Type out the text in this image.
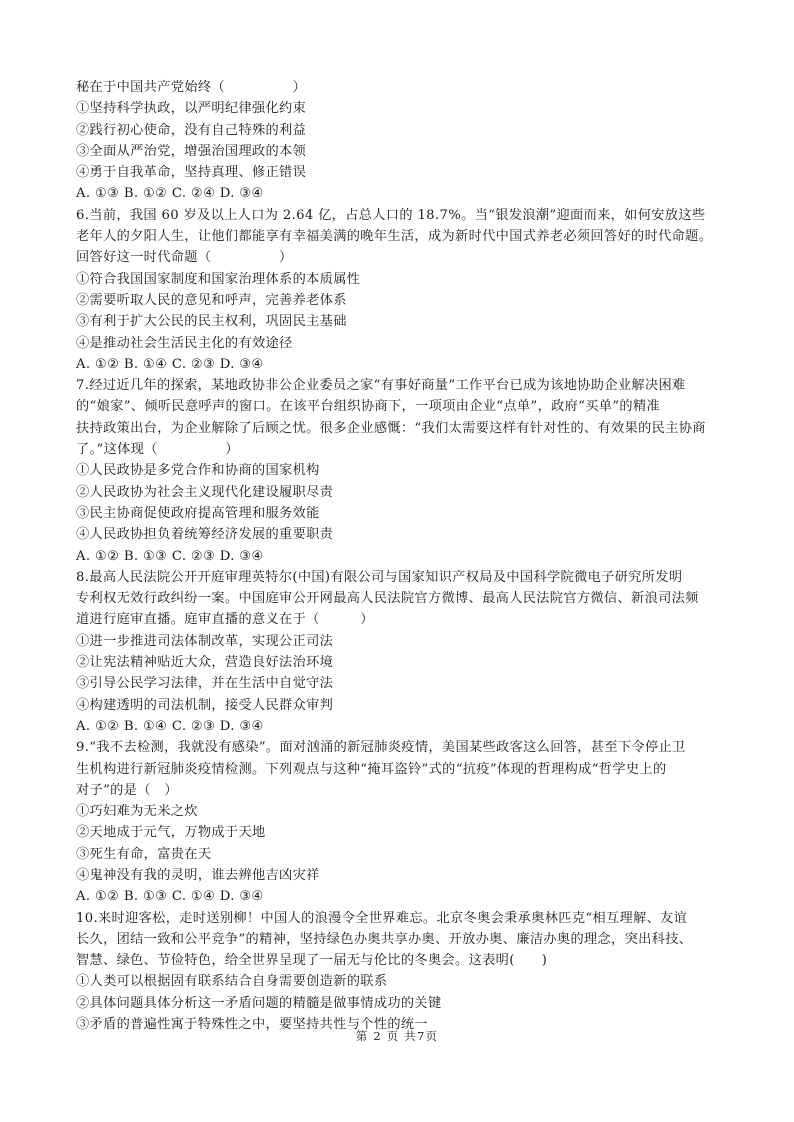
秘在于中国共产党始终（　　　　　）
①坚持科学执政，以严明纪律强化约束
②践行初心使命，没有自己特殊的利益
③全面从严治党，增强治国理政的本领
④勇于自我革命，坚持真理、修正错误
A. ①③ B. ①② C. ②④ D. ③④
6.当前，我国 60 岁及以上人口为 2.64 亿，占总人口的 18.7%。当“银发浪潮”迎面而来，如何安放这些
老年人的夕阳人生，让他们都能享有幸福美满的晚年生活，成为新时代中国式养老必须回答好的时代命题。
回答好这一时代命题（　　　　　）
①符合我国国家制度和国家治理体系的本质属性
②需要听取人民的意见和呼声，完善养老体系
③有利于扩大公民的民主权利，巩固民主基础
④是推动社会生活民主化的有效途径
A. ①② B. ①④ C. ②③ D. ③④
7.经过近几年的探索，某地政协非公企业委员之家“有事好商量”工作平台已成为该地协助企业解决困难
的“娘家”、倾听民意呼声的窗口。在该平台组织协商下，一项项由企业“点单”，政府“买单”的精准
扶持政策出台，为企业解除了后顾之忧。很多企业感慨：“我们太需要这样有针对性的、有效果的民主协商
了。”这体现（　　　　　）
①人民政协是多党合作和协商的国家机构
②人民政协为社会主义现代化建设履职尽责
③民主协商促使政府提高管理和服务效能
④人民政协担负着统筹经济发展的重要职责
A. ①② B. ①③ C. ②③ D. ③④
8.最高人民法院公开开庭审理英特尔(中国)有限公司与国家知识产权局及中国科学院微电子研究所发明
专利权无效行政纠纷一案。中国庭审公开网最高人民法院官方微博、最高人民法院官方微信、新浪司法频
道进行庭审直播。庭审直播的意义在于（　　　）
①进一步推进司法体制改革，实现公正司法
②让宪法精神贴近大众，营造良好法治环境
③引导公民学习法律，并在生活中自觉守法
④构建透明的司法机制，接受人民群众审判
A. ①② B. ①④ C. ②③ D. ③④
9.“我不去检测，我就没有感染”。面对汹涌的新冠肺炎疫情，美国某些政客这么回答，甚至下令停止卫
生机构进行新冠肺炎疫情检测。下列观点与这种“掩耳盗铃”式的“抗疫”体现的哲理构成“哲学史上的
对子”的是（　）
①巧妇难为无米之炊
②天地成于元气，万物成于天地
③死生有命，富贵在天
④鬼神没有我的灵明，谁去辨他吉凶灾祥
A. ①② B. ①③ C. ①④ D. ③④
10.来时迎客松，走时送别柳！中国人的浪漫令全世界难忘。北京冬奥会秉承奥林匹克“相互理解、友谊
长久，团结一致和公平竞争”的精神，坚持绿色办奥共享办奥、开放办奥、廉洁办奥的理念，突出科技、
智慧、绿色、节俭特色，给全世界呈现了一届无与伦比的冬奥会。这表明(　　)
①人类可以根据固有联系结合自身需要创造新的联系
②具体问题具体分析这一矛盾问题的精髓是做事情成功的关键
③矛盾的普遍性寓于特殊性之中，要坚持共性与个性的统一
第 2 页 共7页
